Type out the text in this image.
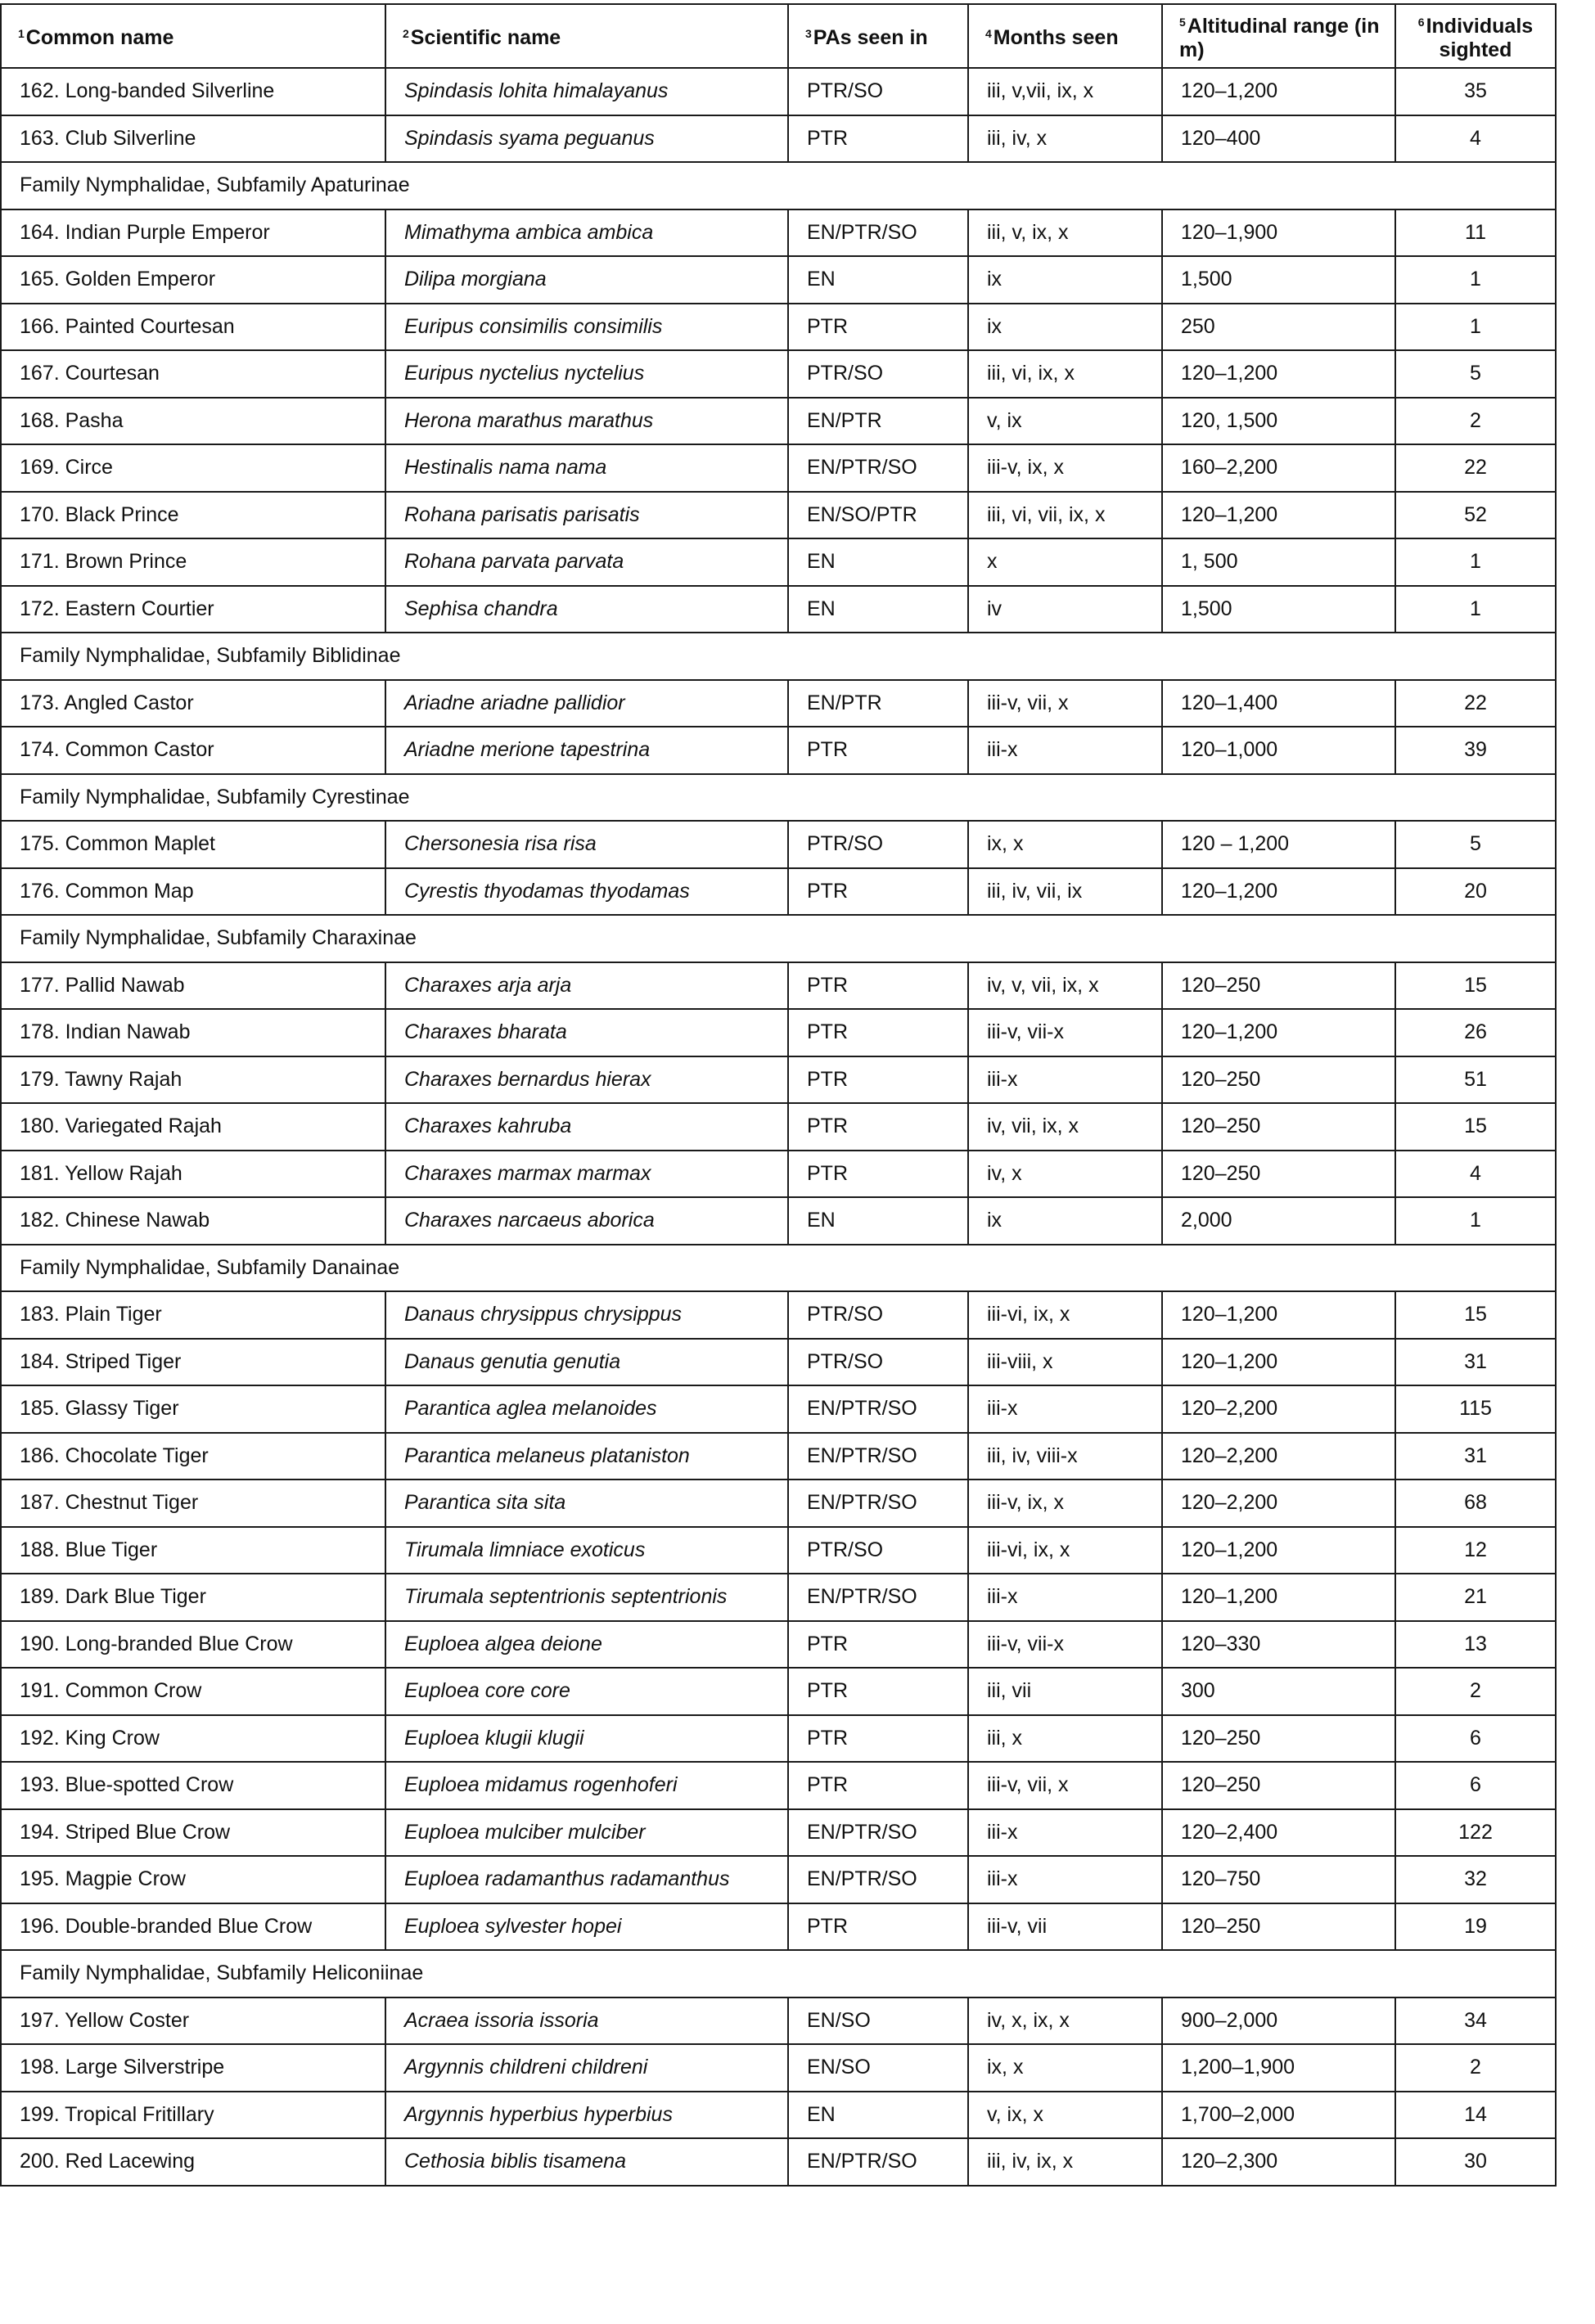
$^1$Common name	$^2$Scientific name	$^3$PAs seen in	$^4$Months seen	$^5$Altitudinal range (in m)	$^6$Individuals sighted
162. Long-banded Silverline	Spindasis lohita himalayanus	PTR/SO	iii, v,vii, ix, x	120–1,200	35
163. Club Silverline	Spindasis syama peguanus	PTR	iii, iv, x	120–400	4
Family Nymphalidae, Subfamily Apaturinae					
164. Indian Purple Emperor	Mimathyma ambica ambica	EN/PTR/SO	iii, v, ix, x	120–1,900	11
165. Golden Emperor	Dilipa morgiana	EN	ix	1,500	1
166. Painted Courtesan	Euripus consimilis consimilis	PTR	ix	250	1
167. Courtesan	Euripus nyctelius nyctelius	PTR/SO	iii, vi, ix, x	120–1,200	5
168. Pasha	Herona marathus marathus	EN/PTR	v, ix	120, 1,500	2
169. Circe	Hestinalis nama nama	EN/PTR/SO	iii-v, ix, x	160–2,200	22
170. Black Prince	Rohana parisatis parisatis	EN/SO/PTR	iii, vi, vii, ix, x	120–1,200	52
171. Brown Prince	Rohana parvata parvata	EN	x	1, 500	1
172. Eastern Courtier	Sephisa chandra	EN	iv	1,500	1
Family Nymphalidae, Subfamily Biblidinae					
173. Angled Castor	Ariadne ariadne pallidior	EN/PTR	iii-v, vii, x	120–1,400	22
174. Common Castor	Ariadne merione tapestrina	PTR	iii-x	120–1,000	39
Family Nymphalidae, Subfamily Cyrestinae					
175. Common Maplet	Chersonesia risa risa	PTR/SO	ix, x	120 – 1,200	5
176. Common Map	Cyrestis thyodamas thyodamas	PTR	iii, iv, vii, ix	120–1,200	20
Family Nymphalidae, Subfamily Charaxinae					
177. Pallid Nawab	Charaxes arja arja	PTR	iv, v, vii, ix, x	120–250	15
178. Indian Nawab	Charaxes bharata	PTR	iii-v, vii-x	120–1,200	26
179. Tawny Rajah	Charaxes bernardus hierax	PTR	iii-x	120–250	51
180. Variegated Rajah	Charaxes kahruba	PTR	iv, vii, ix, x	120–250	15
181. Yellow Rajah	Charaxes marmax marmax	PTR	iv, x	120–250	4
182. Chinese Nawab	Charaxes narcaeus aborica	EN	ix	2,000	1
Family Nymphalidae, Subfamily Danainae					
183. Plain Tiger	Danaus chrysippus chrysippus	PTR/SO	iii-vi, ix, x	120–1,200	15
184. Striped Tiger	Danaus genutia genutia	PTR/SO	iii-viii, x	120–1,200	31
185. Glassy Tiger	Parantica aglea melanoides	EN/PTR/SO	iii-x	120–2,200	115
186. Chocolate Tiger	Parantica melaneus plataniston	EN/PTR/SO	iii, iv, viii-x	120–2,200	31
187. Chestnut Tiger	Parantica sita sita	EN/PTR/SO	iii-v, ix, x	120–2,200	68
188. Blue Tiger	Tirumala limniace exoticus	PTR/SO	iii-vi, ix, x	120–1,200	12
189. Dark Blue Tiger	Tirumala septentrionis septentrionis	EN/PTR/SO	iii-x	120–1,200	21
190. Long-branded Blue Crow	Euploea algea deione	PTR	iii-v, vii-x	120–330	13
191. Common Crow	Euploea core core	PTR	iii, vii	300	2
192. King Crow	Euploea klugii klugii	PTR	iii, x	120–250	6
193. Blue-spotted Crow	Euploea midamus rogenhoferi	PTR	iii-v, vii, x	120–250	6
194. Striped Blue Crow	Euploea mulciber mulciber	EN/PTR/SO	iii-x	120–2,400	122
195. Magpie Crow	Euploea radamanthus radamanthus	EN/PTR/SO	iii-x	120–750	32
196. Double-branded Blue Crow	Euploea sylvester hopei	PTR	iii-v, vii	120–250	19
Family Nymphalidae, Subfamily Heliconiinae					
197. Yellow Coster	Acraea issoria issoria	EN/SO	iv, x, ix, x	900–2,000	34
198. Large Silverstripe	Argynnis childreni childreni	EN/SO	ix, x	1,200–1,900	2
199. Tropical Fritillary	Argynnis hyperbius hyperbius	EN	v, ix, x	1,700–2,000	14
200. Red Lacewing	Cethosia biblis tisamena	EN/PTR/SO	iii, iv, ix, x	120–2,300	30
